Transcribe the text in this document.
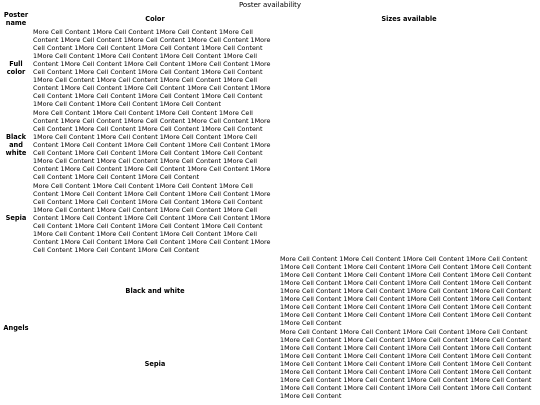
Poster availability
Poster name	Color	Sizes available
Full color	More Cell Content 1More Cell Content 1More Cell Content 1More Cell Content 1More Cell Content 1More Cell Content 1More Cell Content 1More Cell Content 1More Cell Content 1More Cell Content 1More Cell Content 1More Cell Content 1More Cell Content 1More Cell Content 1More Cell Content 1More Cell Content 1More Cell Content 1More Cell Content 1More Cell Content 1More Cell Content 1More Cell Content 1More Cell Content 1More Cell Content 1More Cell Content 1More Cell Content 1More Cell Content 1More Cell Content 1More Cell Content 1More Cell Content 1More Cell Content 1More Cell Content 1More Cell Content 1More Cell Content 1More Cell Content 1More Cell Content 1More Cell Content	
Black and white	More Cell Content 1More Cell Content 1More Cell Content 1More Cell Content 1More Cell Content 1More Cell Content 1More Cell Content 1More Cell Content 1More Cell Content 1More Cell Content 1More Cell Content 1More Cell Content 1More Cell Content 1More Cell Content 1More Cell Content 1More Cell Content 1More Cell Content 1More Cell Content 1More Cell Content 1More Cell Content 1More Cell Content 1More Cell Content 1More Cell Content 1More Cell Content 1More Cell Content 1More Cell Content 1More Cell Content 1More Cell Content 1More Cell Content 1More Cell Content 1More Cell Content 1More Cell Content	
Sepia	More Cell Content 1More Cell Content 1More Cell Content 1More Cell Content 1More Cell Content 1More Cell Content 1More Cell Content 1More Cell Content 1More Cell Content 1More Cell Content 1More Cell Content 1More Cell Content 1More Cell Content 1More Cell Content 1More Cell Content 1More Cell Content 1More Cell Content 1More Cell Content 1More Cell Content 1More Cell Content 1More Cell Content 1More Cell Content 1More Cell Content 1More Cell Content 1More Cell Content 1More Cell Content 1More Cell Content 1More Cell Content 1More Cell Content 1More Cell Content 1More Cell Content 1More Cell Content	
Angels	Black and white	More Cell Content 1More Cell Content 1More Cell Content 1More Cell Content 1More Cell Content 1More Cell Content 1More Cell Content 1More Cell Content 1More Cell Content 1More Cell Content 1More Cell Content 1More Cell Content 1More Cell Content 1More Cell Content 1More Cell Content 1More Cell Content 1More Cell Content 1More Cell Content 1More Cell Content 1More Cell Content 1More Cell Content 1More Cell Content 1More Cell Content 1More Cell Content 1More Cell Content 1More Cell Content 1More Cell Content 1More Cell Content 1More Cell Content 1More Cell Content 1More Cell Content 1More Cell Content 1More Cell Content
	Sepia	More Cell Content 1More Cell Content 1More Cell Content 1More Cell Content 1More Cell Content 1More Cell Content 1More Cell Content 1More Cell Content 1More Cell Content 1More Cell Content 1More Cell Content 1More Cell Content 1More Cell Content 1More Cell Content 1More Cell Content 1More Cell Content 1More Cell Content 1More Cell Content 1More Cell Content 1More Cell Content 1More Cell Content 1More Cell Content 1More Cell Content 1More Cell Content 1More Cell Content 1More Cell Content 1More Cell Content 1More Cell Content 1More Cell Content 1More Cell Content 1More Cell Content 1More Cell Content 1More Cell Content
